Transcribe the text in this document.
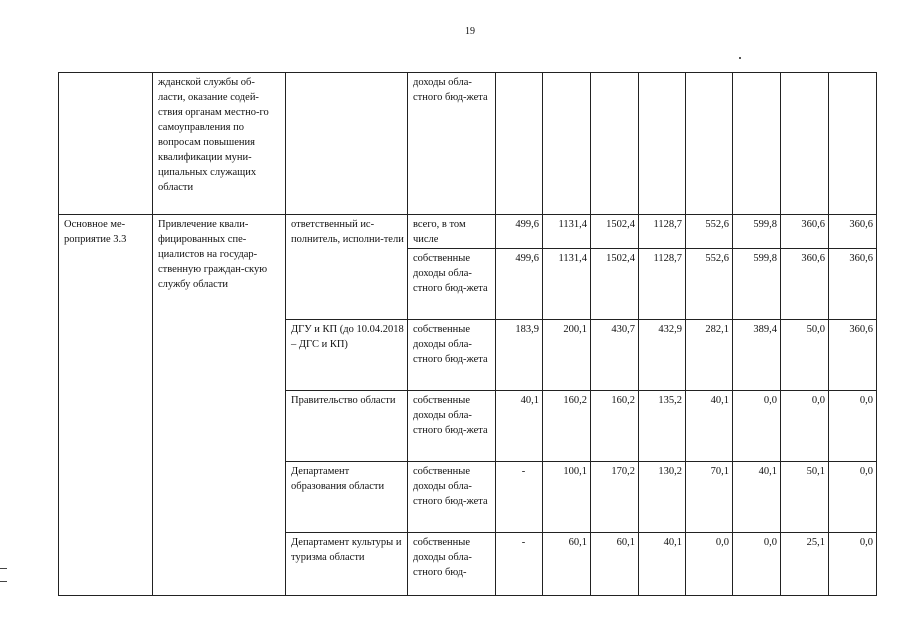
19
	жданской службы об-ласти, оказание содей-ствия органам местно-го самоуправления по вопросам повышения квалификации муни-ципальных служащих области		доходы обла-стного бюд-жета								
Основное ме-роприятие 3.3	Привлечение квали-фицированных спе-циалистов на государ-ственную граждан-скую службу области	ответственный ис-полнитель, исполни-тели	всего, в том числе	499,6	1131,4	1502,4	1128,7	552,6	599,8	360,6	360,6
			собственные доходы обла-стного бюд-жета	499,6	1131,4	1502,4	1128,7	552,6	599,8	360,6	360,6
		ДГУ и КП (до 10.04.2018 – ДГС и КП)	собственные доходы обла-стного бюд-жета	183,9	200,1	430,7	432,9	282,1	389,4	50,0	360,6
		Правительство области	собственные доходы обла-стного бюд-жета	40,1	160,2	160,2	135,2	40,1	0,0	0,0	0,0
		Департамент образования области	собственные доходы обла-стного бюд-жета	-	100,1	170,2	130,2	70,1	40,1	50,1	0,0
		Департамент культуры и туризма области	собственные доходы обла-стного бюд-	-	60,1	60,1	40,1	0,0	0,0	25,1	0,0
